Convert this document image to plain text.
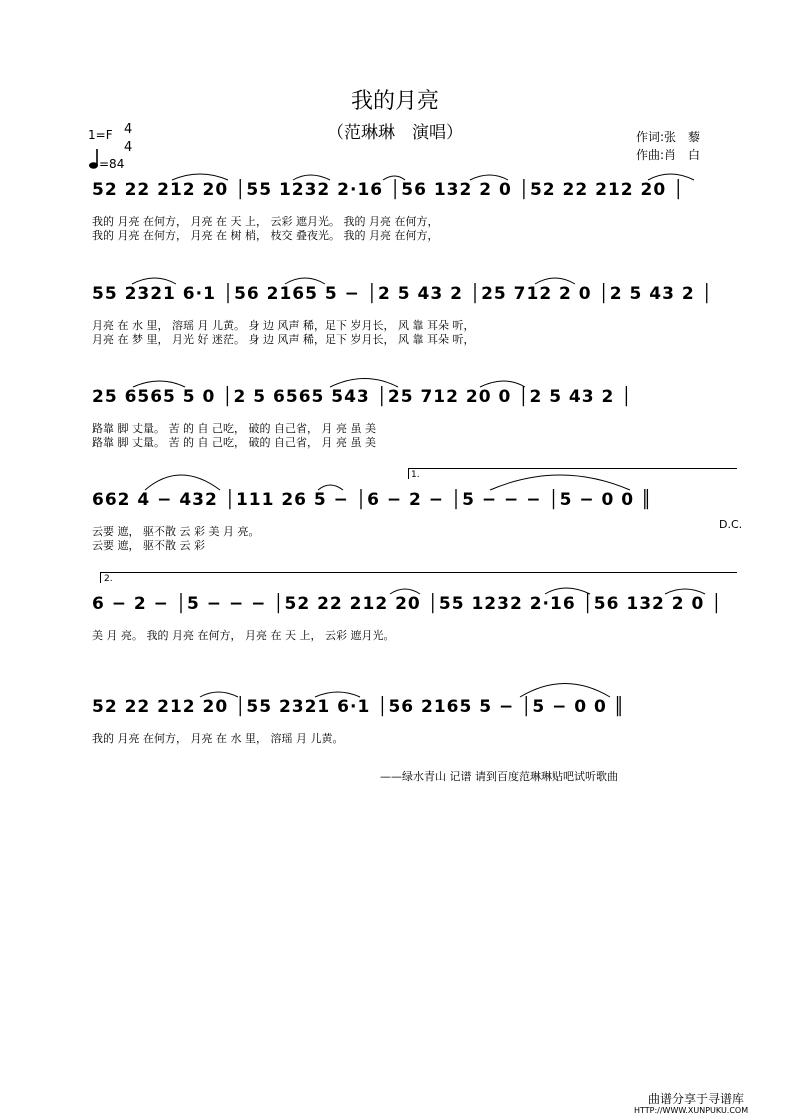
我的月亮
（范琳琳　演唱）
1=F 4
4
=84
作词:张　藜
作曲:肖　白
52 22 212 20 │55 1232 2·16 │56 132 2 0 │52 22 212 20 │
我的 月亮 在何方， 月亮 在 天 上， 云彩 遮月光。 我的 月亮 在何方，
我的 月亮 在何方， 月亮 在 树 梢， 枝交 叠夜光。 我的 月亮 在何方，
55 2321 6·1 │56 2165 5 − │2 5 43 2 │25 712 2 0 │2 5 43 2 │
月亮 在 水 里， 溶瑶 月 儿黄。 身 边 风声 稀，足下 岁月长， 风 靠 耳朵 听，
月亮 在 梦 里， 月光 好 迷茫。 身 边 风声 稀，足下 岁月长， 风 靠 耳朵 听，
25 6565 5 0 │2 5 6565 543 │25 712 20 0 │2 5 43 2 │
路靠 脚 丈量。 苦 的 自 己吃， 破的 自己省， 月 亮 虽 美
路靠 脚 丈量。 苦 的 自 己吃， 破的 自己省， 月 亮 虽 美
1.
662 4 − 432 │111 26 5 − │6 − 2 − │5 − − − │5 − 0 0 ║
D.C.
云要 遮， 驱不散 云 彩 美 月 亮。
云要 遮， 驱不散 云 彩
2.
6 − 2 − │5 − − − │52 22 212 20 │55 1232 2·16 │56 132 2 0 │
美 月 亮。 我的 月亮 在何方， 月亮 在 天 上， 云彩 遮月光。
52 22 212 20 │55 2321 6·1 │56 2165 5 − │5 − 0 0 ║
我的 月亮 在何方， 月亮 在 水 里， 溶瑶 月 儿黄。
——绿水青山 记谱 请到百度范琳琳贴吧试听歌曲
曲谱分享于寻谱库
HTTP://WWW.XUNPUKU.COM
